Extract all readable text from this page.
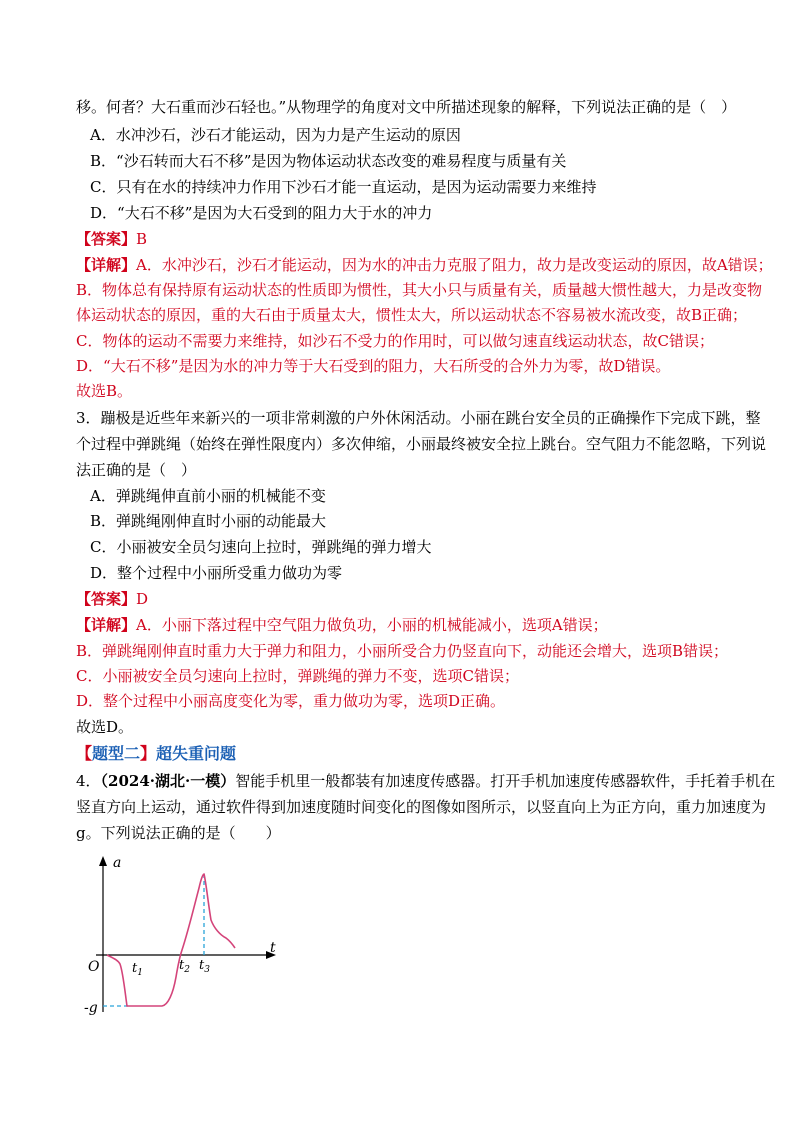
移。何者？大石重而沙石轻也。”从物理学的角度对文中所描述现象的解释，下列说法正确的是（　）
A．水冲沙石，沙石才能运动，因为力是产生运动的原因
B．“沙石转而大石不移”是因为物体运动状态改变的难易程度与质量有关
C．只有在水的持续冲力作用下沙石才能一直运动，是因为运动需要力来维持
D．“大石不移”是因为大石受到的阻力大于水的冲力
【答案】B
【详解】A．水冲沙石，沙石才能运动，因为水的冲击力克服了阻力，故力是改变运动的原因，故A错误；
B．物体总有保持原有运动状态的性质即为惯性，其大小只与质量有关，质量越大惯性越大，力是改变物
体运动状态的原因，重的大石由于质量太大，惯性太大，所以运动状态不容易被水流改变，故B正确；
C．物体的运动不需要力来维持，如沙石不受力的作用时，可以做匀速直线运动状态，故C错误；
D．“大石不移”是因为水的冲力等于大石受到的阻力，大石所受的合外力为零，故D错误。
故选B。
3．蹦极是近些年来新兴的一项非常刺激的户外休闲活动。小丽在跳台安全员的正确操作下完成下跳，整
个过程中弹跳绳（始终在弹性限度内）多次伸缩，小丽最终被安全拉上跳台。空气阻力不能忽略，下列说
法正确的是（　）
A．弹跳绳伸直前小丽的机械能不变
B．弹跳绳刚伸直时小丽的动能最大
C．小丽被安全员匀速向上拉时，弹跳绳的弹力增大
D．整个过程中小丽所受重力做功为零
【答案】D
【详解】A．小丽下落过程中空气阻力做负功，小丽的机械能减小，选项A错误；
B．弹跳绳刚伸直时重力大于弹力和阻力，小丽所受合力仍竖直向下，动能还会增大，选项B错误；
C．小丽被安全员匀速向上拉时，弹跳绳的弹力不变，选项C错误；
D．整个过程中小丽高度变化为零，重力做功为零，选项D正确。
故选D。
【题型二】超失重问题
4．（2024·湖北·一模）智能手机里一般都装有加速度传感器。打开手机加速度传感器软件，手托着手机在
竖直方向上运动，通过软件得到加速度随时间变化的图像如图所示，以竖直向上为正方向，重力加速度为
g。下列说法正确的是（　　）
a
t
O
-g
$t_1$	$t_2$ $t_3$
